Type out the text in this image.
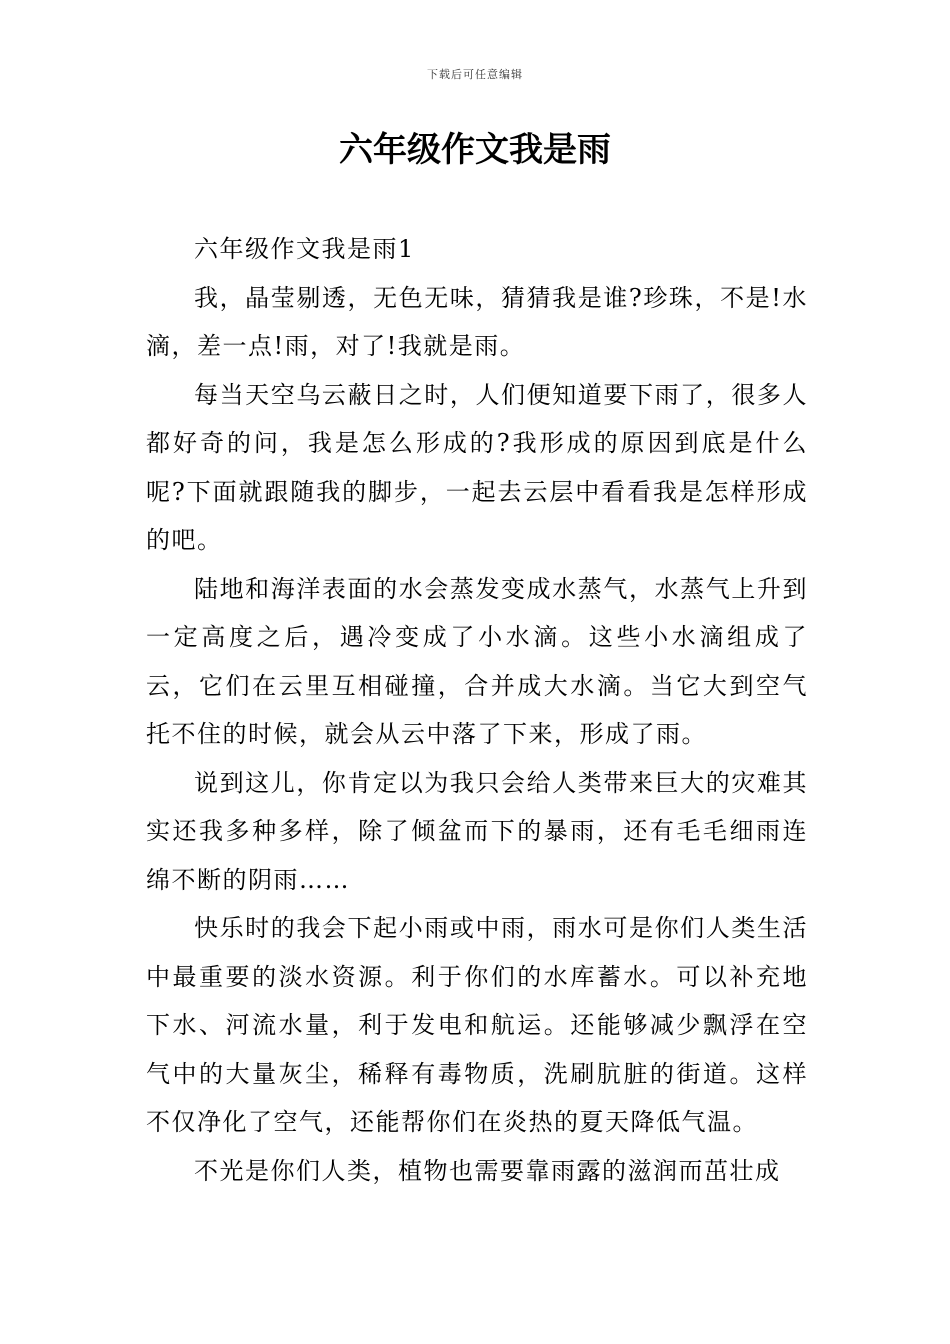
下载后可任意编辑
六年级作文我是雨

六年级作文我是雨1

我，晶莹剔透，无色无味，猜猜我是谁?珍珠，不是!水滴，差一点!雨，对了!我就是雨。

每当天空乌云蔽日之时，人们便知道要下雨了，很多人都好奇的问，我是怎么形成的?我形成的原因到底是什么呢?下面就跟随我的脚步，一起去云层中看看我是怎样形成的吧。

陆地和海洋表面的水会蒸发变成水蒸气，水蒸气上升到一定高度之后，遇冷变成了小水滴。这些小水滴组成了云，它们在云里互相碰撞，合并成大水滴。当它大到空气托不住的时候，就会从云中落了下来，形成了雨。

说到这儿，你肯定以为我只会给人类带来巨大的灾难其实还我多种多样，除了倾盆而下的暴雨，还有毛毛细雨连绵不断的阴雨……

快乐时的我会下起小雨或中雨，雨水可是你们人类生活中最重要的淡水资源。利于你们的水库蓄水。可以补充地下水、河流水量，利于发电和航运。还能够减少飘浮在空气中的大量灰尘，稀释有毒物质，洗刷肮脏的街道。这样不仅净化了空气，还能帮你们在炎热的夏天降低气温。

不光是你们人类，植物也需要靠雨露的滋润而茁壮成
